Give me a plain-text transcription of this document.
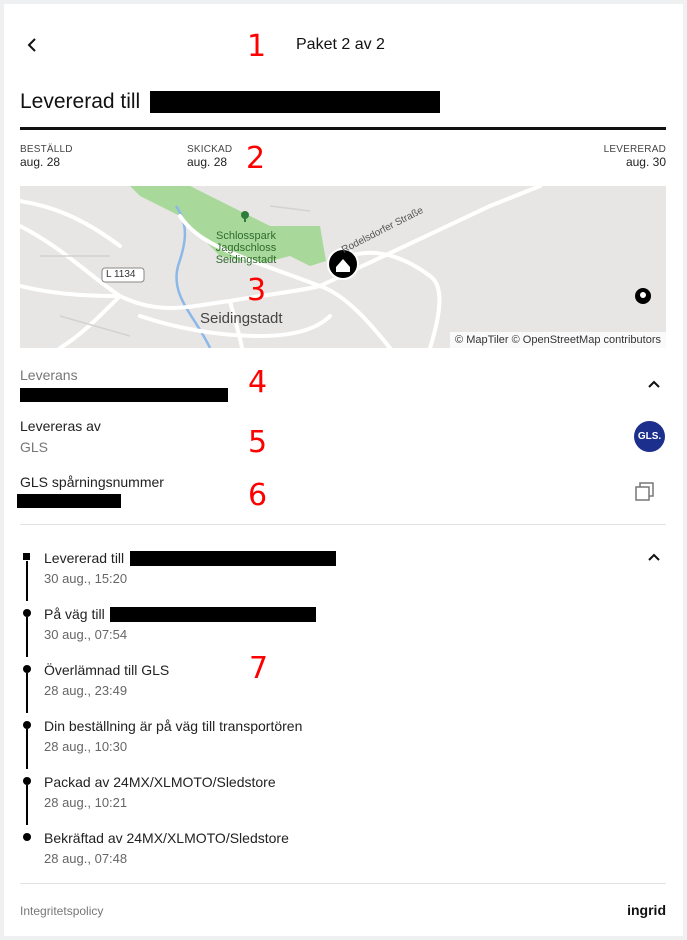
1 Paket 2 av 2
Levererad till
BESTÄLLD
aug. 28
SKICKAD
aug. 28 2	LEVERERAD
aug. 30
Schlosspark
Jagdschloss
Seidingstadt
Rodelsdorfer Straße
L 1134
Seidingstadt
3
© MapTiler © OpenStreetMap contributors
Leverans	4
Levereras av
GLS	5	GLS.
GLS spårningsnummer	6
7
Levererad till
30 aug., 15:20
På väg till
30 aug., 07:54
Överlämnad till GLS
28 aug., 23:49
Din beställning är på väg till transportören
28 aug., 10:30
Packad av 24MX/XLMOTO/Sledstore
28 aug., 10:21
Bekräftad av 24MX/XLMOTO/Sledstore
28 aug., 07:48
Integritetspolicy	ingrid
